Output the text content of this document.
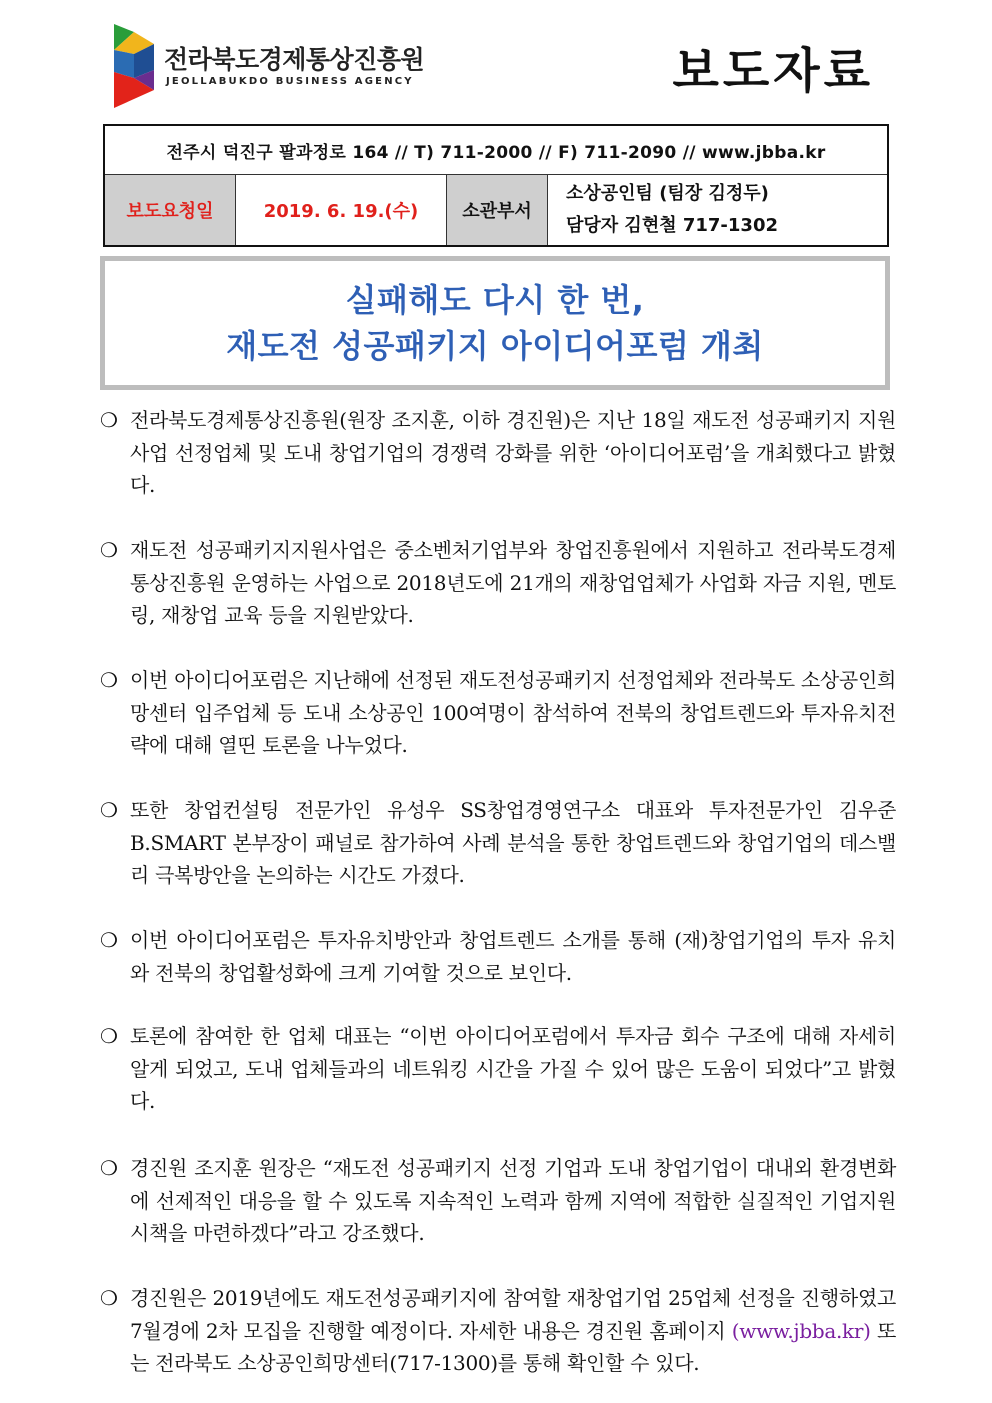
전라북도경제통상진흥원
JEOLLABUKDO BUSINESS AGENCY	보도자료
전주시 덕진구 팔과정로 164 // T) 711-2000 // F) 711-2090 // www.jbba.kr
보도요청일	2019. 6. 19.(수)	소관부서	
소상공인팀 (팀장 김정두)
담당자 김현철 717-1302
실패해도 다시 한 번,
재도전 성공패키지 아이디어포럼 개최
❍ 전라북도경제통상진흥원(원장 조지훈, 이하 경진원)은 지난 18일 재도전 성공패키지 지원사업 선정업체 및 도내 창업기업의 경쟁력 강화를 위한 ‘아이디어포럼’을 개최했다고 밝혔다.
❍ 재도전 성공패키지지원사업은 중소벤처기업부와 창업진흥원에서 지원하고 전라북도경제통상진흥원 운영하는 사업으로 2018년도에 21개의 재창업업체가 사업화 자금 지원, 멘토링, 재창업 교육 등을 지원받았다.
❍ 이번 아이디어포럼은 지난해에 선정된 재도전성공패키지 선정업체와 전라북도 소상공인희망센터 입주업체 등 도내 소상공인 100여명이 참석하여 전북의 창업트렌드와 투자유치전략에 대해 열띤 토론을 나누었다.
❍ 또한 창업컨설팅 전문가인 유성우 SS창업경영연구소 대표와 투자전문가인 김우준 B.SMART 본부장이 패널로 참가하여 사례 분석을 통한 창업트렌드와 창업기업의 데스밸리 극복방안을 논의하는 시간도 가졌다.
❍ 이번 아이디어포럼은 투자유치방안과 창업트렌드 소개를 통해 (재)창업기업의 투자 유치와 전북의 창업활성화에 크게 기여할 것으로 보인다.
❍ 토론에 참여한 한 업체 대표는 “이번 아이디어포럼에서 투자금 회수 구조에 대해 자세히 알게 되었고, 도내 업체들과의 네트워킹 시간을 가질 수 있어 많은 도움이 되었다”고 밝혔다.
❍ 경진원 조지훈 원장은 “재도전 성공패키지 선정 기업과 도내 창업기업이 대내외 환경변화에 선제적인 대응을 할 수 있도록 지속적인 노력과 함께 지역에 적합한 실질적인 기업지원 시책을 마련하겠다”라고 강조했다.
❍ 경진원은 2019년에도 재도전성공패키지에 참여할 재창업기업 25업체 선정을 진행하였고 7월경에 2차 모집을 진행할 예정이다. 자세한 내용은 경진원 홈페이지 (www.jbba.kr) 또는 전라북도 소상공인희망센터(717-1300)를 통해 확인할 수 있다.
